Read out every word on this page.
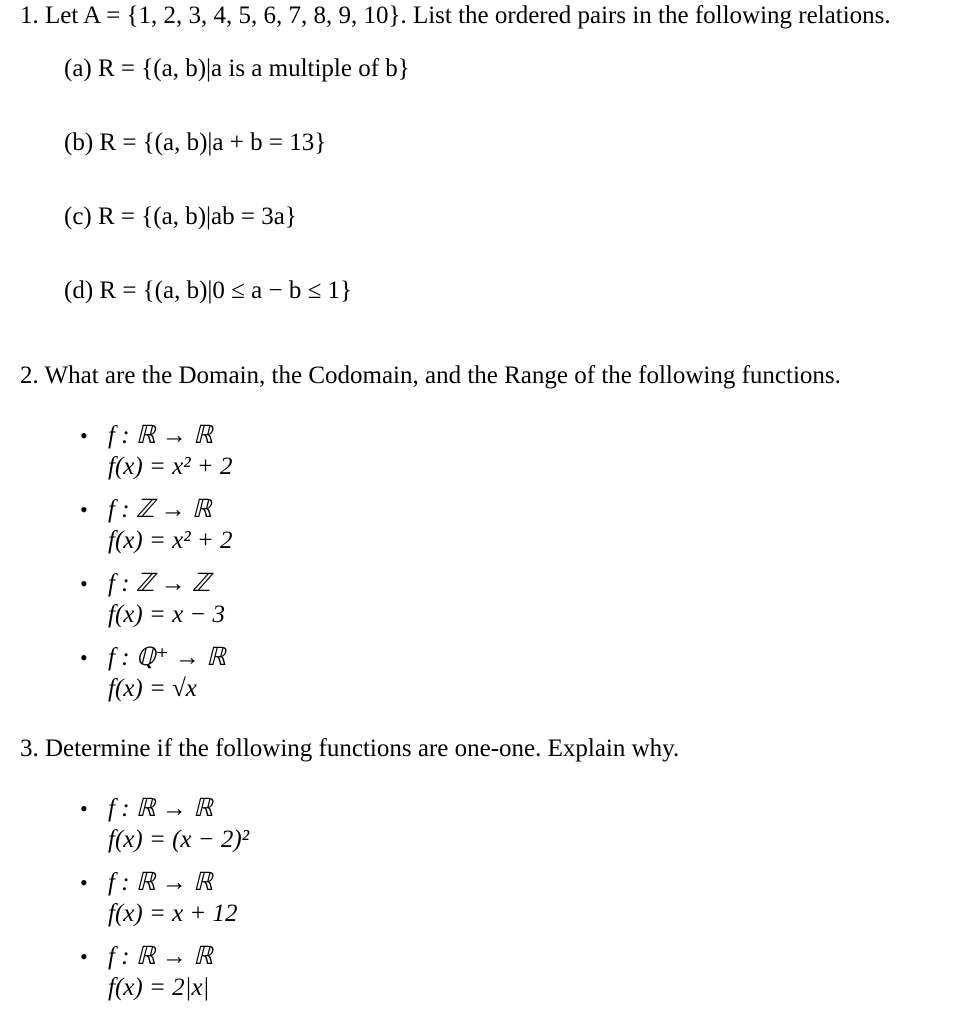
1. Let A = {1, 2, 3, 4, 5, 6, 7, 8, 9, 10}. List the ordered pairs in the following relations.
(a) R = {(a, b)|a is a multiple of b}
(b) R = {(a, b)|a + b = 13}
(c) R = {(a, b)|ab = 3a}
(d) R = {(a, b)|0 ≤ a − b ≤ 1}
2. What are the Domain, the Codomain, and the Range of the following functions.
• f : ℝ → ℝ
f(x) = x² + 2
• f : ℤ → ℝ
f(x) = x² + 2
• f : ℤ → ℤ
f(x) = x − 3
• f : ℚ⁺ → ℝ
f(x) = √x
3. Determine if the following functions are one-one. Explain why.
• f : ℝ → ℝ
f(x) = (x − 2)²
• f : ℝ → ℝ
f(x) = x + 12
• f : ℝ → ℝ
f(x) = 2|x|
